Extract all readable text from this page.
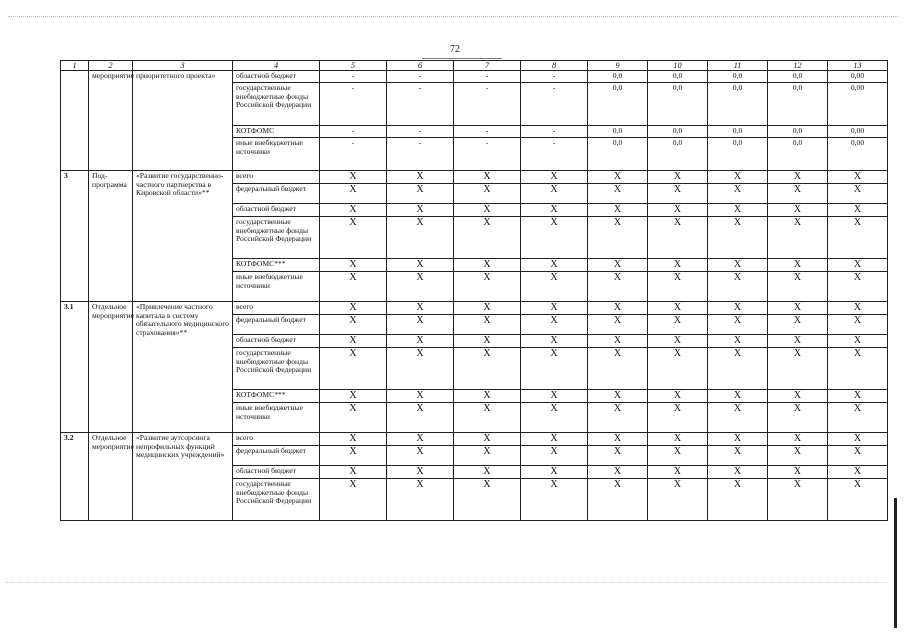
72
1	2	3	4	5	6	7	8	9	10	11	12	13
	мероприятие	приоритетного проекта»	областной бюджет	-	-	-	-	0,0	0,0	0,0	0,0	0,00
			государственные внебюджетные фонды Российской Федерации	-	-	-	-	0,0	0,0	0,0	0,0	0,00
			КОТФОМС	-	-	-	-	0,0	0,0	0,0	0,0	0,00
			иные внебюджетные источники	-	-	-	-	0,0	0,0	0,0	0,0	0,00
3	Под-программа	«Развитие государственно-частного партнерства в Кировской области»**	всего	X	X	X	X	X	X	X	X	X
			федеральный бюджет	X	X	X	X	X	X	X	X	X
			областной бюджет	X	X	X	X	X	X	X	X	X
			государственные внебюджетные фонды Российской Федерации	X	X	X	X	X	X	X	X	X
			КОТФОМС***	X	X	X	X	X	X	X	X	X
			иные внебюджетные источники	X	X	X	X	X	X	X	X	X
3.1	Отдельное мероприятие	«Привлечение частного капитала в систему обязательного медицинского страхования»**	всего	X	X	X	X	X	X	X	X	X
			федеральный бюджет	X	X	X	X	X	X	X	X	X
			областной бюджет	X	X	X	X	X	X	X	X	X
			государственные внебюджетные фонды Российской Федерации	X	X	X	X	X	X	X	X	X
			КОТФОМС***	X	X	X	X	X	X	X	X	X
			иные внебюджетные источники	X	X	X	X	X	X	X	X	X
3.2	Отдельное мероприятие	«Развитие аутсорсинга непрофильных функций медицинских учреждений»	всего	X	X	X	X	X	X	X	X	X
			федеральный бюджет	X	X	X	X	X	X	X	X	X
			областной бюджет	X	X	X	X	X	X	X	X	X
			государственные внебюджетные фонды Российской Федерации	X	X	X	X	X	X	X	X	X
